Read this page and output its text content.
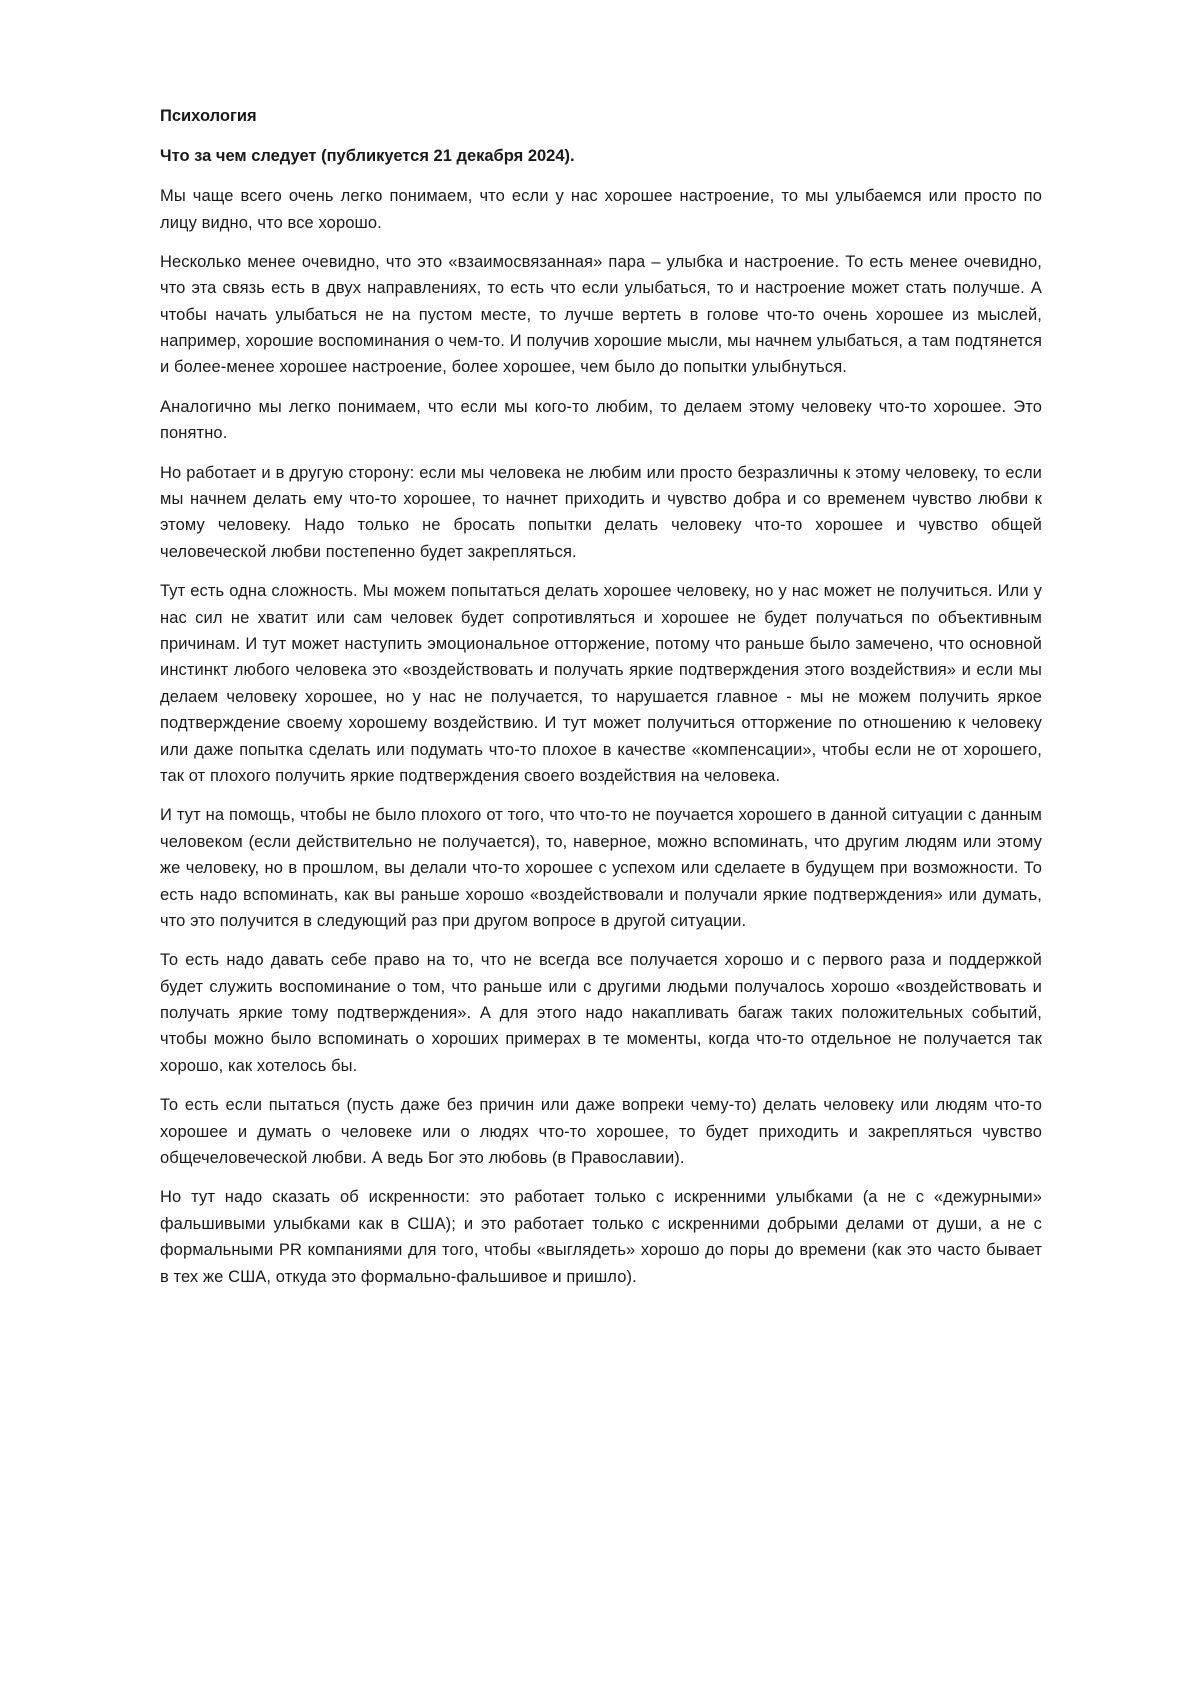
Психология

Что за чем следует (публикуется 21 декабря 2024).

Мы чаще всего очень легко понимаем, что если у нас хорошее настроение, то мы улыбаемся или просто по лицу видно, что все хорошо.

Несколько менее очевидно, что это «взаимосвязанная» пара – улыбка и настроение. То есть менее очевидно, что эта связь есть в двух направлениях, то есть что если улыбаться, то и настроение может стать получше. А чтобы начать улыбаться не на пустом месте, то лучше вертеть в голове что-то очень хорошее из мыслей, например, хорошие воспоминания о чем-то. И получив хорошие мысли, мы начнем улыбаться, а там подтянется и более-менее хорошее настроение, более хорошее, чем было до попытки улыбнуться.

Аналогично мы легко понимаем, что если мы кого-то любим, то делаем этому человеку что-то хорошее. Это понятно.

Но работает и в другую сторону: если мы человека не любим или просто безразличны к этому человеку, то если мы начнем делать ему что-то хорошее, то начнет приходить и чувство добра и со временем чувство любви к этому человеку. Надо только не бросать попытки делать человеку что-то хорошее и чувство общей человеческой любви постепенно будет закрепляться.

Тут есть одна сложность. Мы можем попытаться делать хорошее человеку, но у нас может не получиться. Или у нас сил не хватит или сам человек будет сопротивляться и хорошее не будет получаться по объективным причинам. И тут может наступить эмоциональное отторжение, потому что раньше было замечено, что основной инстинкт любого человека это «воздействовать и получать яркие подтверждения этого воздействия» и если мы делаем человеку хорошее, но у нас не получается, то нарушается главное - мы не можем получить яркое подтверждение своему хорошему воздействию. И тут может получиться отторжение по отношению к человеку или даже попытка сделать или подумать что-то плохое в качестве «компенсации», чтобы если не от хорошего, так от плохого получить яркие подтверждения своего воздействия на человека.

И тут на помощь, чтобы не было плохого от того, что что-то не поучается хорошего в данной ситуации с данным человеком (если действительно не получается), то, наверное, можно вспоминать, что другим людям или этому же человеку, но в прошлом, вы делали что-то хорошее с успехом или сделаете в будущем при возможности. То есть надо вспоминать, как вы раньше хорошо «воздействовали и получали яркие подтверждения» или думать, что это получится в следующий раз при другом вопросе в другой ситуации.

То есть надо давать себе право на то, что не всегда все получается хорошо и с первого раза и поддержкой будет служить воспоминание о том, что раньше или с другими людьми получалось хорошо «воздействовать и получать яркие тому подтверждения». А для этого надо накапливать багаж таких положительных событий, чтобы можно было вспоминать о хороших примерах в те моменты, когда что-то отдельное не получается так хорошо, как хотелось бы.

То есть если пытаться (пусть даже без причин или даже вопреки чему-то) делать человеку или людям что-то хорошее и думать о человеке или о людях что-то хорошее, то будет приходить и закрепляться чувство общечеловеческой любви. А ведь Бог это любовь (в Православии).

Но тут надо сказать об искренности: это работает только с искренними улыбками (а не с «дежурными» фальшивыми улыбками как в США); и это работает только с искренними добрыми делами от души, а не с формальными PR компаниями для того, чтобы «выглядеть» хорошо до поры до времени (как это часто бывает в тех же США, откуда это формально-фальшивое и пришло).
